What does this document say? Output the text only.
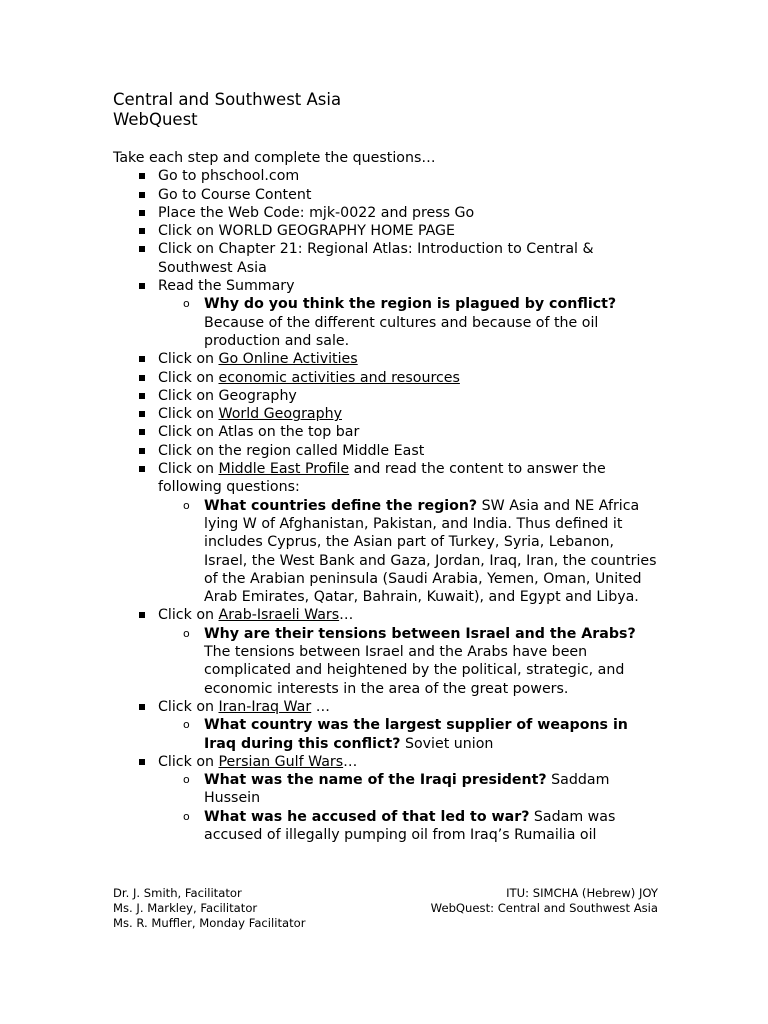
Central and Southwest Asia
WebQuest

Take each step and complete the questions…

Go to phschool.com
Go to Course Content
Place the Web Code: mjk-0022 and press Go
Click on WORLD GEOGRAPHY HOME PAGE
Click on Chapter 21: Regional Atlas: Introduction to Central & Southwest Asia
Read the Summary
o Why do you think the region is plagued by conflict?
Because of the different cultures and because of the oil production and sale.
Click on Go Online Activities
Click on economic activities and resources
Click on Geography
Click on World Geography
Click on Atlas on the top bar
Click on the region called Middle East
Click on Middle East Profile and read the content to answer the following questions:
o What countries define the region? SW Asia and NE Africa lying W of Afghanistan, Pakistan, and India. Thus defined it includes Cyprus, the Asian part of Turkey, Syria, Lebanon, Israel, the West Bank and Gaza, Jordan, Iraq, Iran, the countries of the Arabian peninsula (Saudi Arabia, Yemen, Oman, United Arab Emirates, Qatar, Bahrain, Kuwait), and Egypt and Libya.
Click on Arab-Israeli Wars…
o Why are their tensions between Israel and the Arabs? The tensions between Israel and the Arabs have been complicated and heightened by the political, strategic, and economic interests in the area of the great powers.
Click on Iran-Iraq War …
o What country was the largest supplier of weapons in Iraq during this conflict? Soviet union
Click on Persian Gulf Wars…
o What was the name of the Iraqi president? Saddam Hussein
o What was he accused of that led to war? Sadam was accused of illegally pumping oil from Iraq’s Rumailia oil
Dr. J. Smith, Facilitator
Ms. J. Markley, Facilitator
Ms. R. Muffler, Monday Facilitator
ITU: SIMCHA (Hebrew) JOY
WebQuest: Central and Southwest Asia
